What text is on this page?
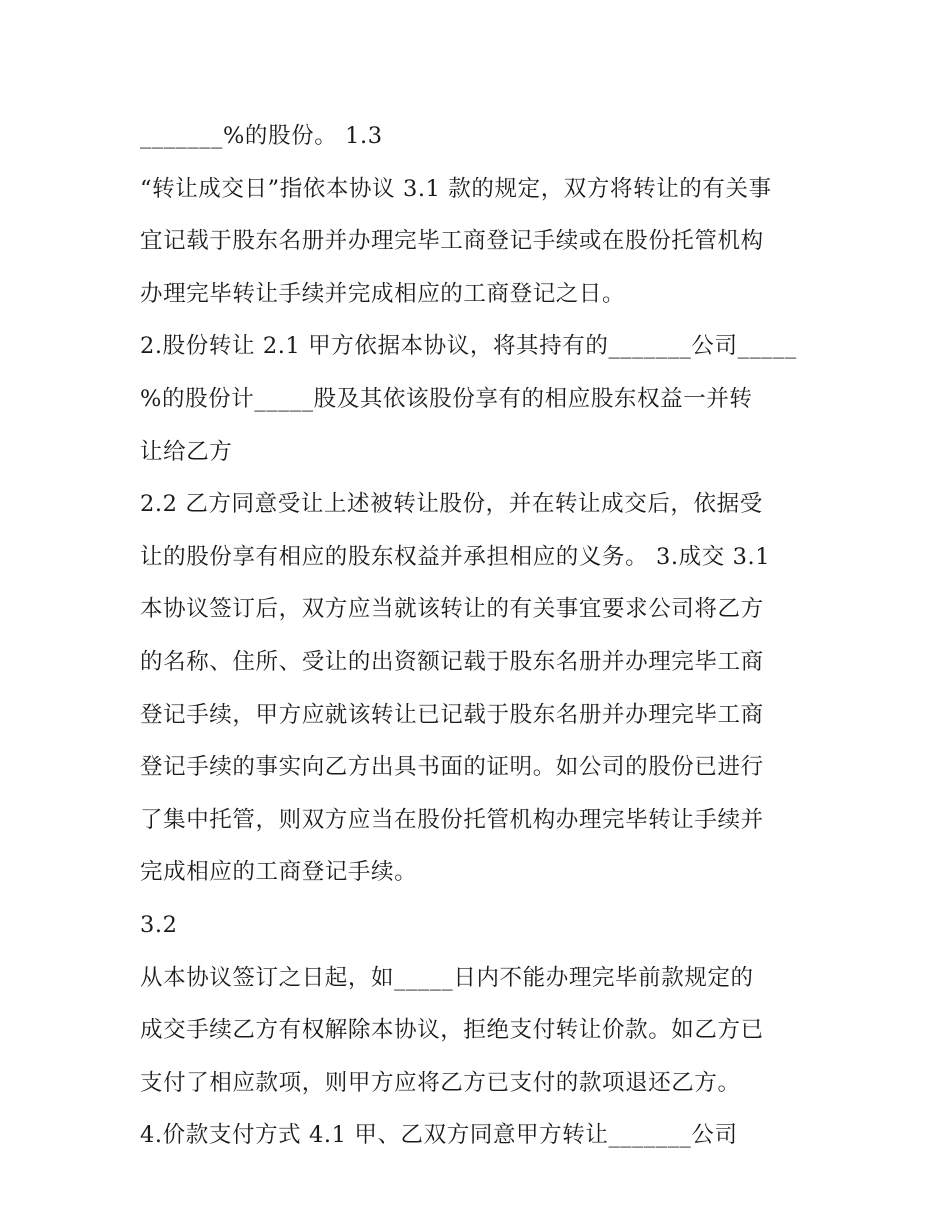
_______%的股份。 1.3
“转让成交日”指依本协议 3.1 款的规定，双方将转让的有关事
宜记载于股东名册并办理完毕工商登记手续或在股份托管机构
办理完毕转让手续并完成相应的工商登记之日。
2.股份转让 2.1 甲方依据本协议，将其持有的_______公司_____
%的股份计_____股及其依该股份享有的相应股东权益一并转
让给乙方
2.2 乙方同意受让上述被转让股份，并在转让成交后，依据受
让的股份享有相应的股东权益并承担相应的义务。 3.成交 3.1
本协议签订后，双方应当就该转让的有关事宜要求公司将乙方
的名称、住所、受让的出资额记载于股东名册并办理完毕工商
登记手续，甲方应就该转让已记载于股东名册并办理完毕工商
登记手续的事实向乙方出具书面的证明。如公司的股份已进行
了集中托管，则双方应当在股份托管机构办理完毕转让手续并
完成相应的工商登记手续。
3.2
从本协议签订之日起，如_____日内不能办理完毕前款规定的
成交手续乙方有权解除本协议，拒绝支付转让价款。如乙方已
支付了相应款项，则甲方应将乙方已支付的款项退还乙方。
4.价款支付方式 4.1 甲、乙双方同意甲方转让_______公司
